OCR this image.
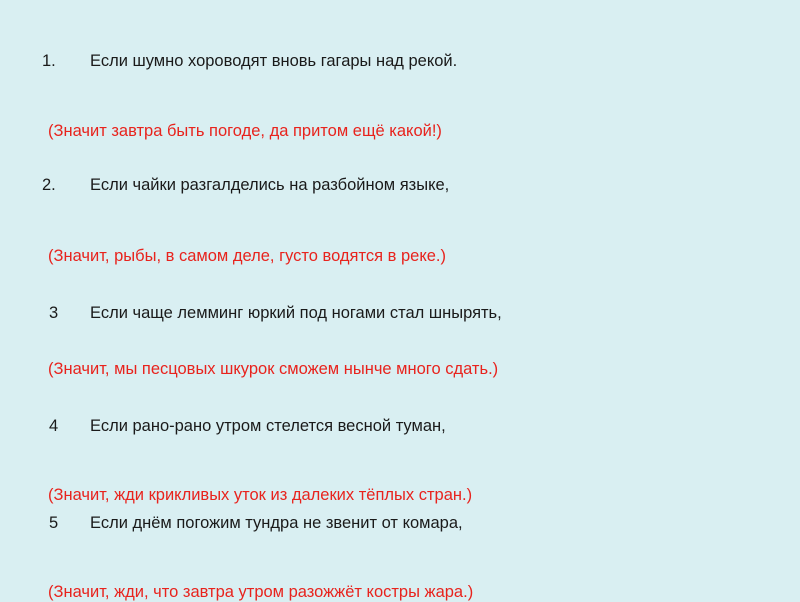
1. Если шумно хороводят вновь гагары над рекой.
(Значит завтра быть погоде, да притом ещё какой!)
2. Если чайки разгалделись на разбойном языке,
(Значит, рыбы, в самом деле, густо водятся в реке.)
3 Если чаще лемминг юркий под ногами стал шнырять,
(Значит, мы песцовых шкурок сможем нынче много сдать.)
4 Если рано-рано утром стелется весной туман,
(Значит, жди крикливых уток из далеких тёплых стран.)
5 Если днём погожим тундра не звенит от комара,
(Значит, жди, что завтра утром разожжёт костры жара.)
